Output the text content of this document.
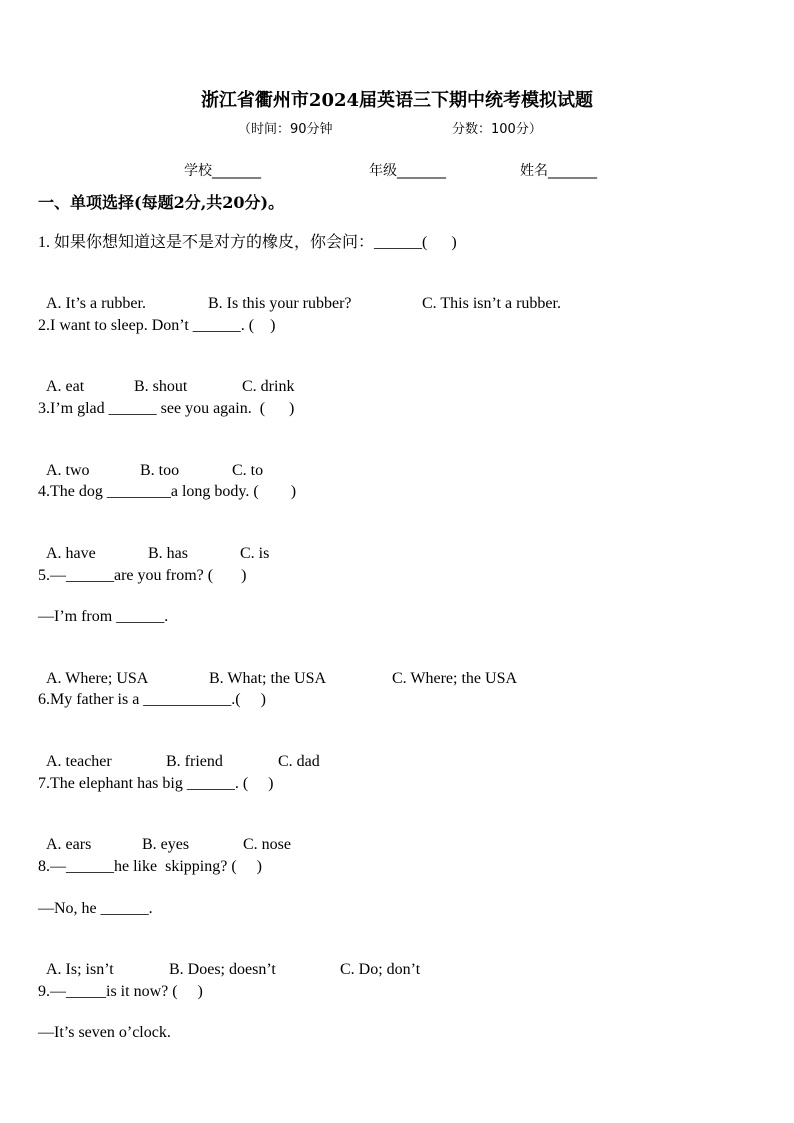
浙江省衢州市2024届英语三下期中统考模拟试题
（时间：90分钟	分数：100分）
学校_______	年级_______	姓名_______
一、单项选择(每题2分,共20分)。
1. 如果你想知道这是不是对方的橡皮，你会问：______(      )

A. It’s a rubber.	B. Is this your rubber?	C. This isn’t a rubber.

2.I want to sleep. Don’t ______. (    )

A. eat	B. shout	C. drink

3.I’m glad ______ see you again.  (      )

A. two	B. too	C. to

4.The dog ________a long body. (        )

A. have	B. has	C. is

5.—______are you from? (       )
—I’m from ______.

A. Where; USA	B. What; the USA	C. Where; the USA

6.My father is a ___________.(     )

A. teacher	B. friend	C. dad

7.The elephant has big ______. (     )

A. ears	B. eyes	C. nose

8.—______he like  skipping? (     )
—No, he ______.

A. Is; isn’t	B. Does; doesn’t	C. Do; don’t

9.—_____is it now? (     )
—It’s seven o’clock.
